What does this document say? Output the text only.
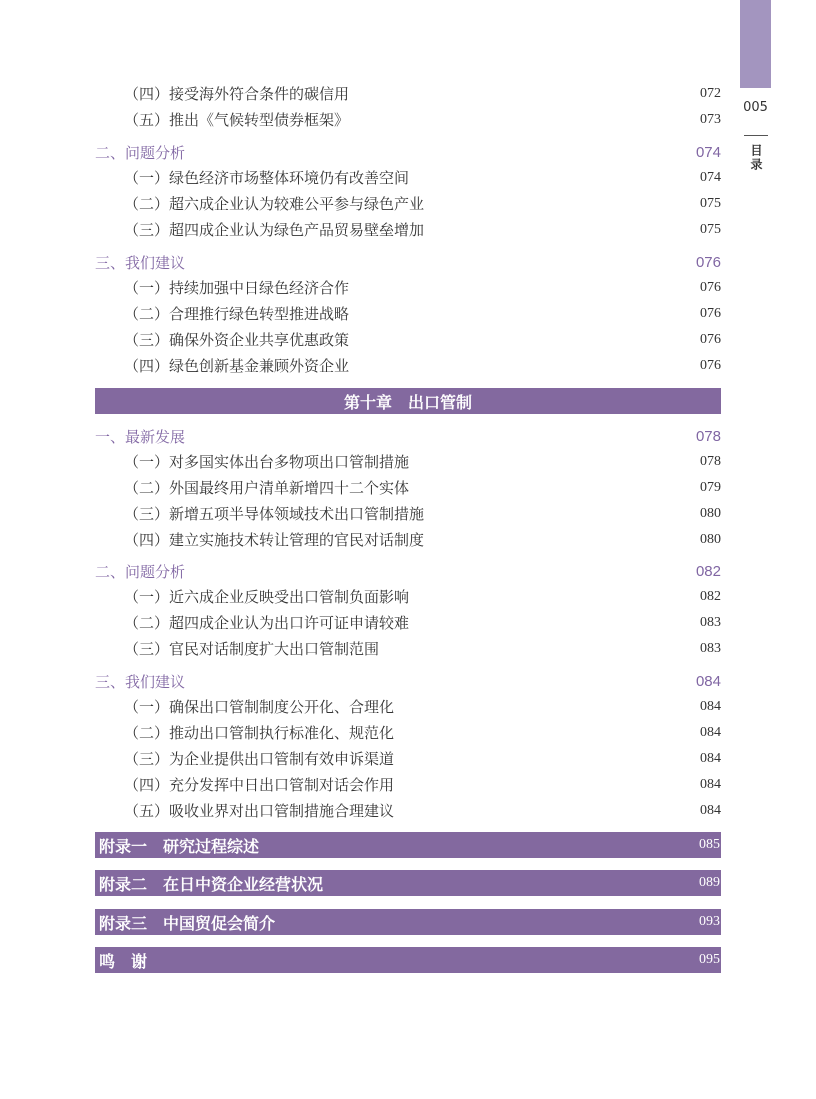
005
目录
（四）接受海外符合条件的碳信用	072
（五）推出《气候转型债券框架》	073
二、问题分析	074
（一）绿色经济市场整体环境仍有改善空间	074
（二）超六成企业认为较难公平参与绿色产业	075
（三）超四成企业认为绿色产品贸易壁垒增加	075
三、我们建议	076
（一）持续加强中日绿色经济合作	076
（二）合理推行绿色转型推进战略	076
（三）确保外资企业共享优惠政策	076
（四）绿色创新基金兼顾外资企业	076
第十章　出口管制
一、最新发展	078
（一）对多国实体出台多物项出口管制措施	078
（二）外国最终用户清单新增四十二个实体	079
（三）新增五项半导体领域技术出口管制措施	080
（四）建立实施技术转让管理的官民对话制度	080
二、问题分析	082
（一）近六成企业反映受出口管制负面影响	082
（二）超四成企业认为出口许可证申请较难	083
（三）官民对话制度扩大出口管制范围	083
三、我们建议	084
（一）确保出口管制制度公开化、合理化	084
（二）推动出口管制执行标准化、规范化	084
（三）为企业提供出口管制有效申诉渠道	084
（四）充分发挥中日出口管制对话会作用	084
（五）吸收业界对出口管制措施合理建议	084
附录一　研究过程综述	085
附录二　在日中资企业经营状况	089
附录三　中国贸促会简介	093
鸣　谢	095
